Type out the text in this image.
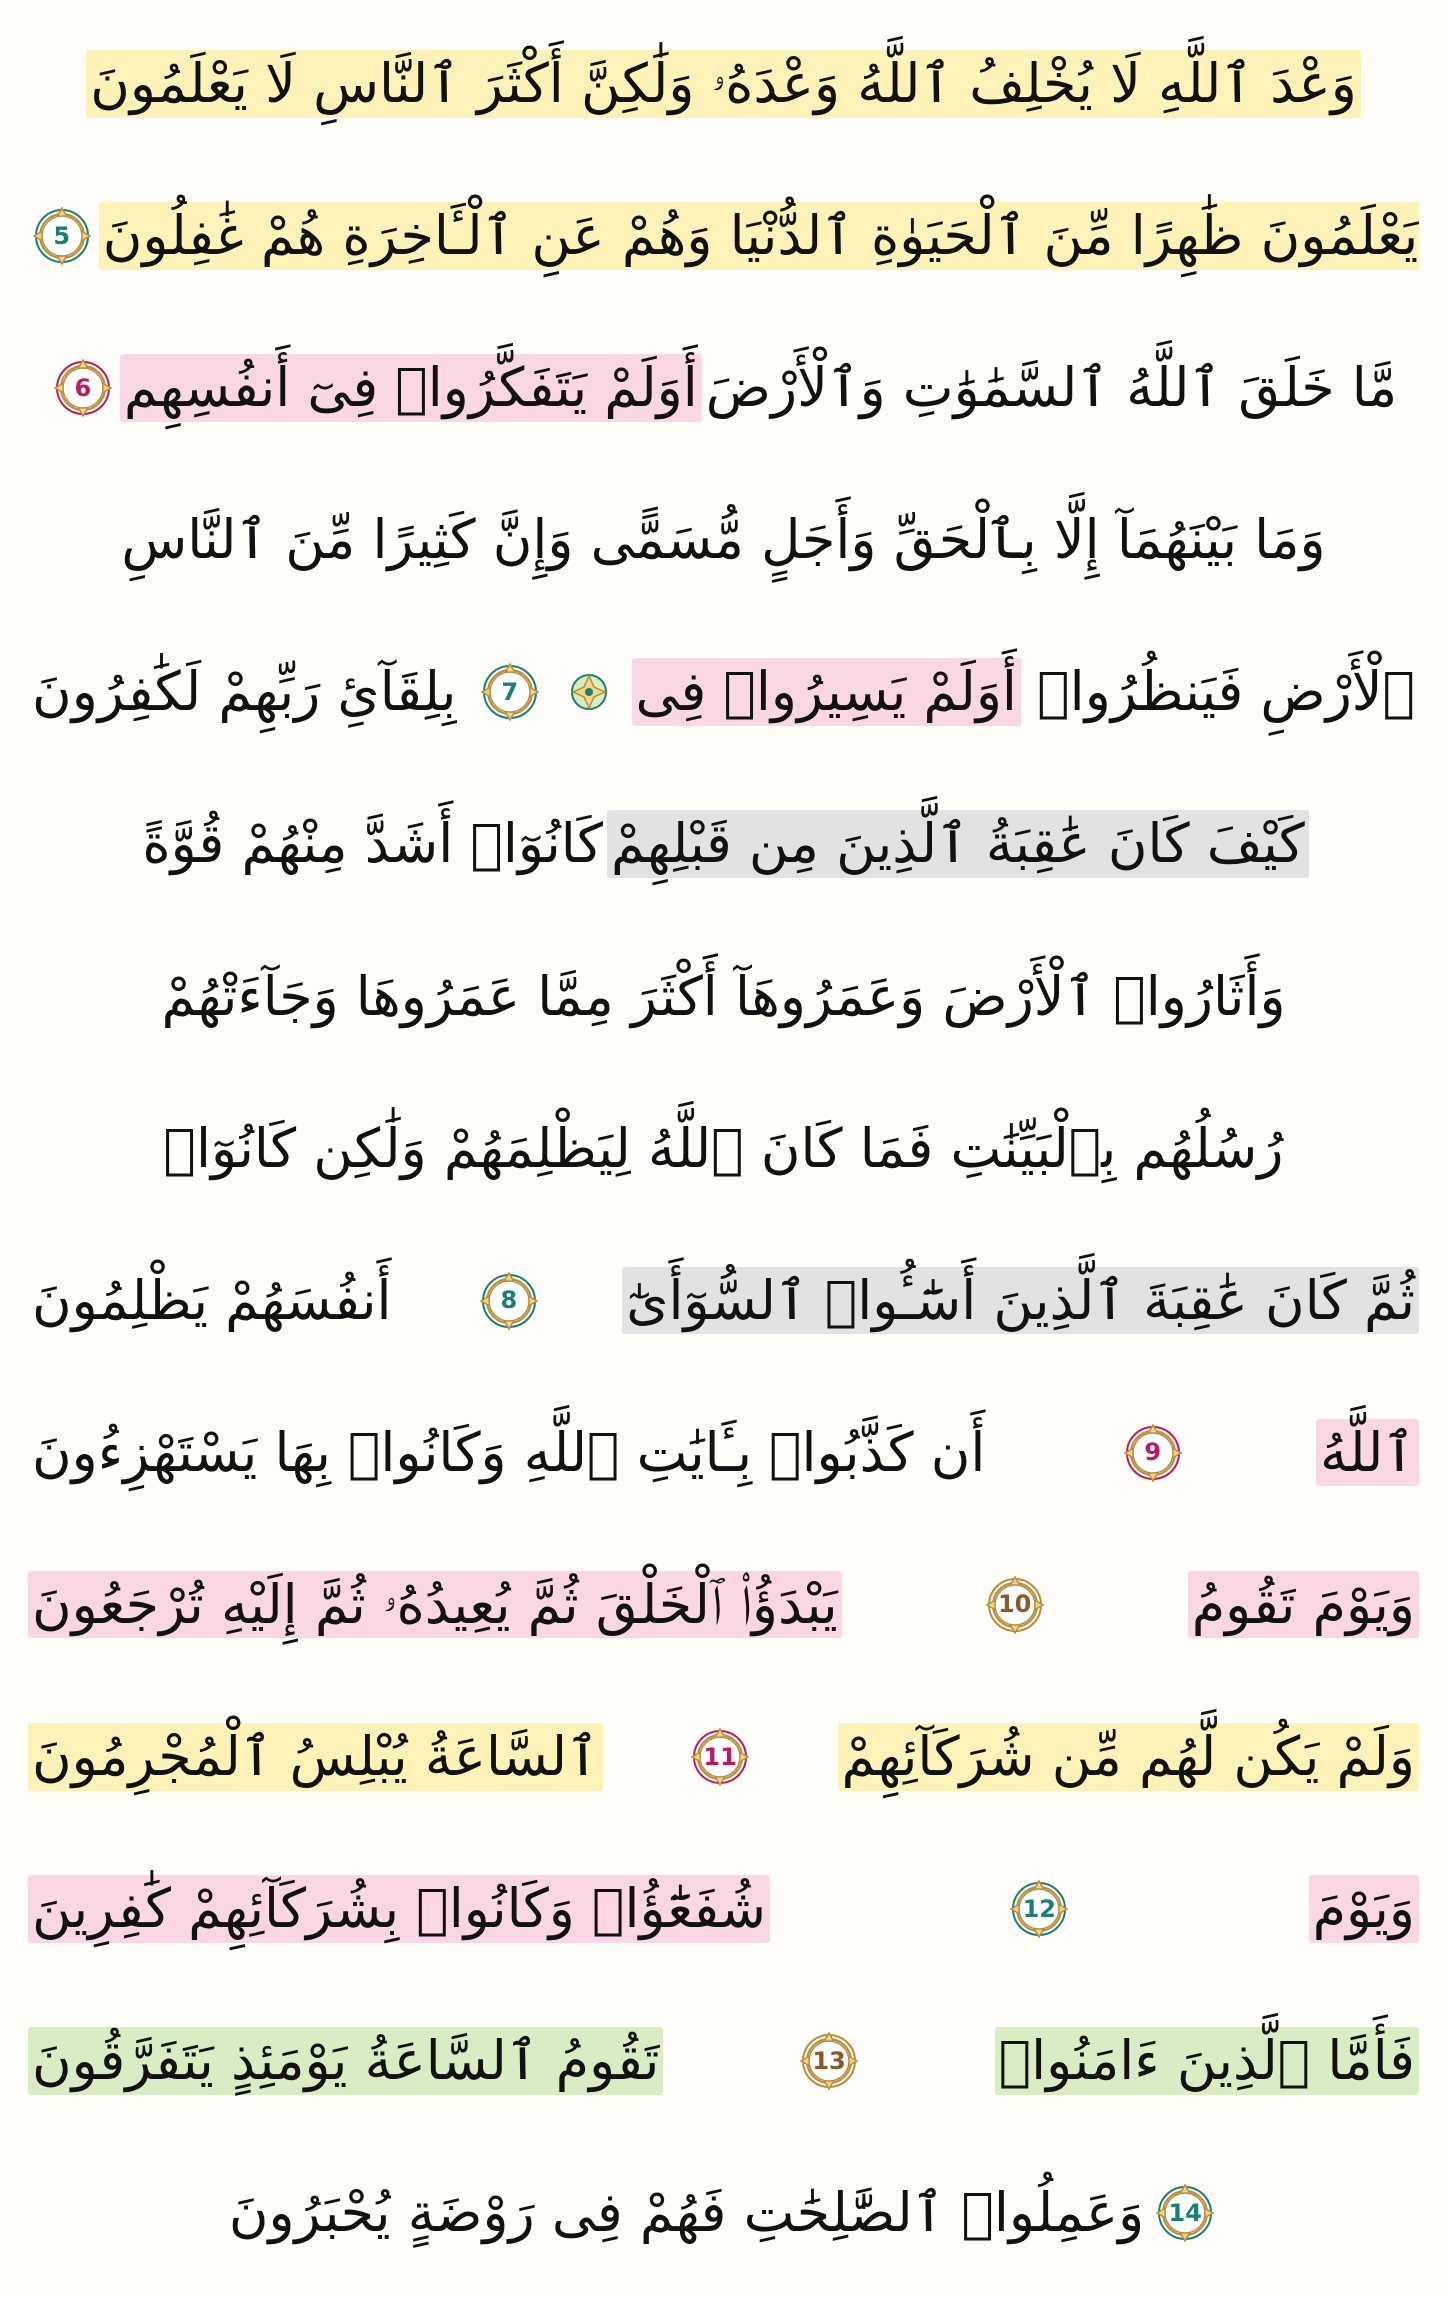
وَعْدَ ٱللَّهِ لَا يُخْلِفُ ٱللَّهُ وَعْدَهُۥ وَلَٰكِنَّ أَكْثَرَ ٱلنَّاسِ لَا يَعْلَمُونَ
5 يَعْلَمُونَ ظَٰهِرًا مِّنَ ٱلْحَيَوٰةِ ٱلدُّنْيَا وَهُمْ عَنِ ٱلْـَٔاخِرَةِ هُمْ غَٰفِلُونَ
6 أَوَلَمْ يَتَفَكَّرُوا۟ فِىٓ أَنفُسِهِم مَّا خَلَقَ ٱللَّهُ ٱلسَّمَٰوَٰتِ وَٱلْأَرْضَ
وَمَا بَيْنَهُمَآ إِلَّا بِٱلْحَقِّ وَأَجَلٍ مُّسَمًّى وَإِنَّ كَثِيرًا مِّنَ ٱلنَّاسِ
بِلِقَآئِ رَبِّهِمْ لَكَٰفِرُونَ	7	أَوَلَمْ يَسِيرُوا۟ فِى ٱلْأَرْضِ فَيَنظُرُوا۟
كَانُوٓا۟ أَشَدَّ مِنْهُمْ قُوَّةً كَيْفَ كَانَ عَٰقِبَةُ ٱلَّذِينَ مِن قَبْلِهِمْ
وَأَثَارُوا۟ ٱلْأَرْضَ وَعَمَرُوهَآ أَكْثَرَ مِمَّا عَمَرُوهَا وَجَآءَتْهُمْ
رُسُلُهُم بِٱلْبَيِّنَٰتِ فَمَا كَانَ ٱللَّهُ لِيَظْلِمَهُمْ وَلَٰكِن كَانُوٓا۟
أَنفُسَهُمْ يَظْلِمُونَ	8	ثُمَّ كَانَ عَٰقِبَةَ ٱلَّذِينَ أَسَٰٓـُٔوا۟ ٱلسُّوٓأَىٰٓ
أَن كَذَّبُوا۟ بِـَٔايَٰتِ ٱللَّهِ وَكَانُوا۟ بِهَا يَسْتَهْزِءُونَ	9	ٱللَّهُ
يَبْدَؤُا۟ ٱلْخَلْقَ ثُمَّ يُعِيدُهُۥ ثُمَّ إِلَيْهِ تُرْجَعُونَ	10	وَيَوْمَ تَقُومُ
ٱلسَّاعَةُ يُبْلِسُ ٱلْمُجْرِمُونَ	11 وَلَمْ يَكُن لَّهُم مِّن شُرَكَآئِهِمْ
شُفَعَٰٓؤُا۟ وَكَانُوا۟ بِشُرَكَآئِهِمْ كَٰفِرِينَ	12	وَيَوْمَ
تَقُومُ ٱلسَّاعَةُ يَوْمَئِذٍ يَتَفَرَّقُونَ	13	فَأَمَّا ٱلَّذِينَ ءَامَنُوا۟
وَعَمِلُوا۟ ٱلصَّٰلِحَٰتِ فَهُمْ فِى رَوْضَةٍ يُحْبَرُونَ	14
